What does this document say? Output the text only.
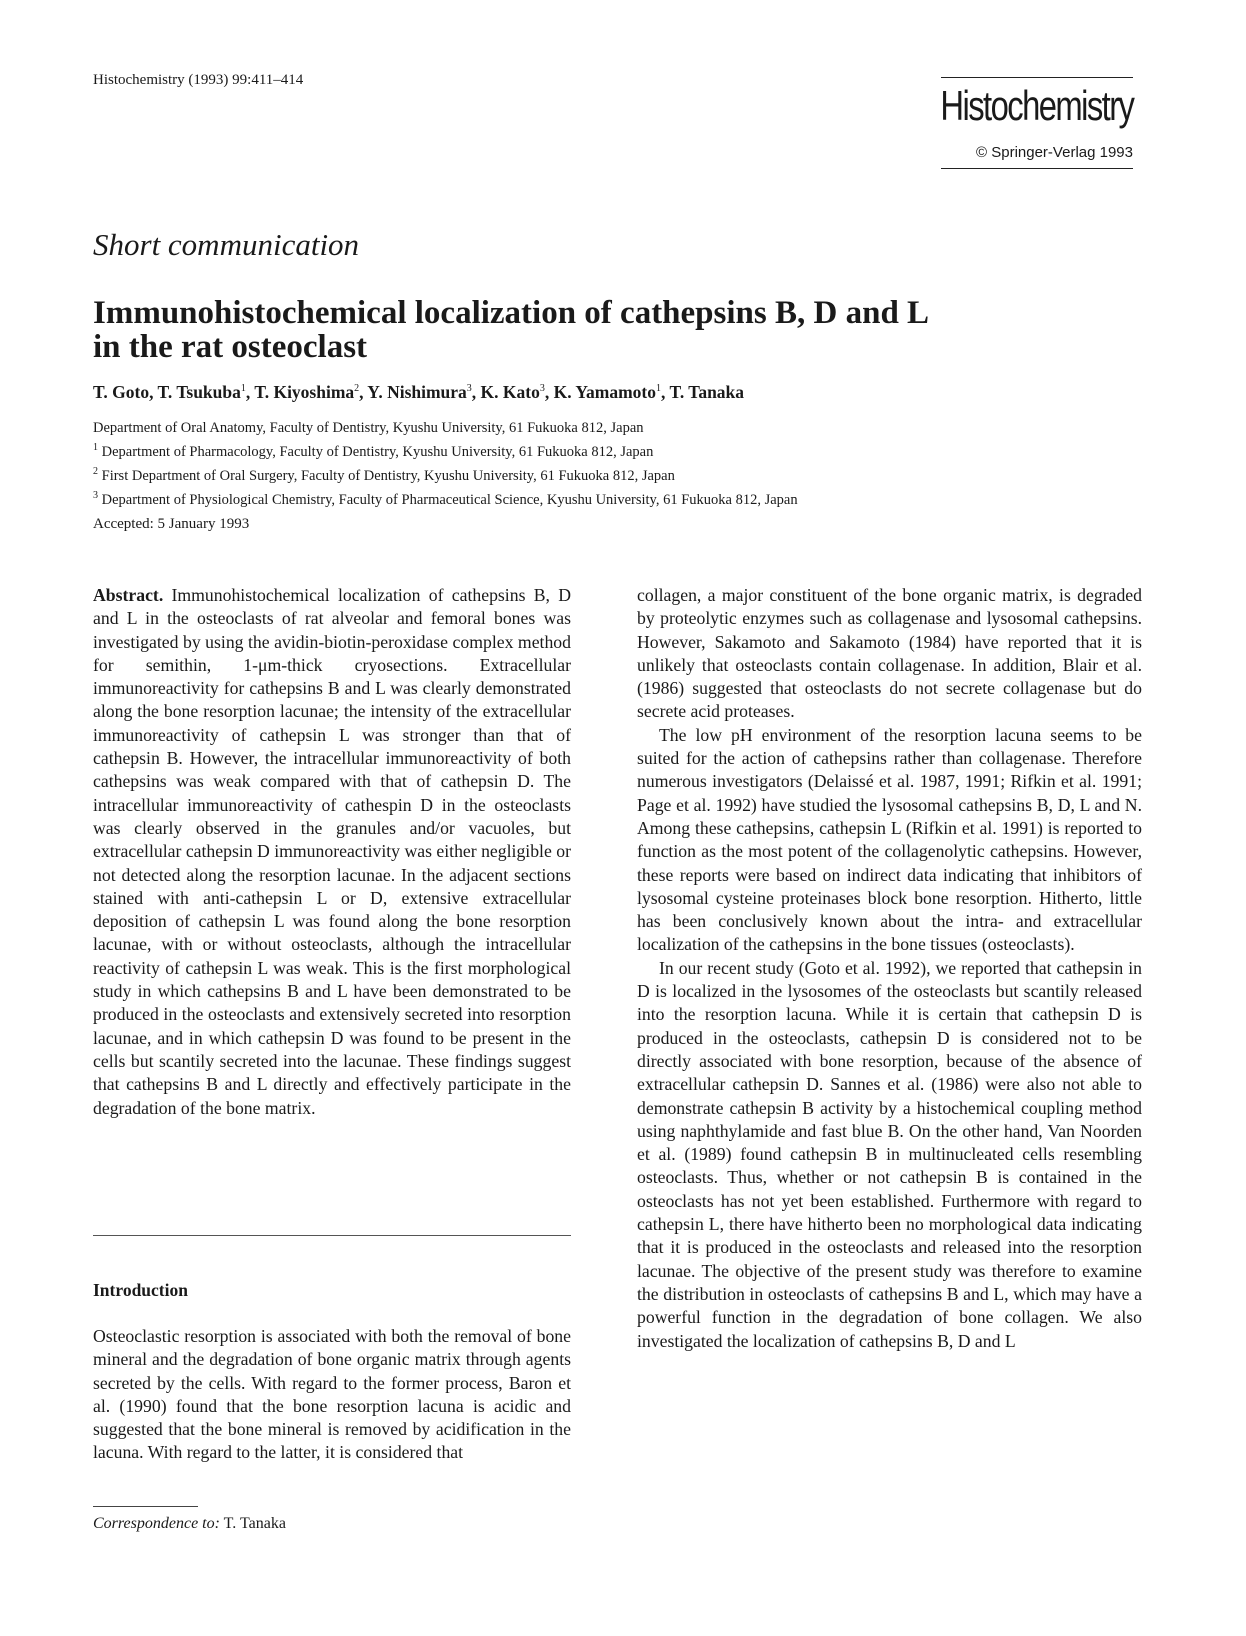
Histochemistry (1993) 99:411–414
Histochemistry
© Springer-Verlag 1993
Short communication
Immunohistochemical localization of cathepsins B, D and L
in the rat osteoclast
T. Goto, T. Tsukuba$^1$, T. Kiyoshima$^2$, Y. Nishimura$^3$, K. Kato$^3$, K. Yamamoto$^1$, T. Tanaka
Department of Oral Anatomy, Faculty of Dentistry, Kyushu University, 61 Fukuoka 812, Japan
$^1$ Department of Pharmacology, Faculty of Dentistry, Kyushu University, 61 Fukuoka 812, Japan
$^2$ First Department of Oral Surgery, Faculty of Dentistry, Kyushu University, 61 Fukuoka 812, Japan
$^3$ Department of Physiological Chemistry, Faculty of Pharmaceutical Science, Kyushu University, 61 Fukuoka 812, Japan
Accepted: 5 January 1993

Abstract. Immunohistochemical localization of cathepsins B, D and L in the osteoclasts of rat alveolar and femoral bones was investigated by using the avidin-biotin-peroxidase complex method for semithin, 1-μm-thick cryosections. Extracellular immunoreactivity for cathepsins B and L was clearly demonstrated along the bone resorption lacunae; the intensity of the extracellular immunoreactivity of cathepsin L was stronger than that of cathepsin B. However, the intracellular immunoreactivity of both cathepsins was weak compared with that of cathepsin D. The intracellular immunoreactivity of cathespin D in the osteoclasts was clearly observed in the granules and/or vacuoles, but extracellular cathepsin D immunoreactivity was either negligible or not detected along the resorption lacunae. In the adjacent sections stained with anti-cathepsin L or D, extensive extracellular deposition of cathepsin L was found along the bone resorption lacunae, with or without osteoclasts, although the intracellular reactivity of cathepsin L was weak. This is the first morphological study in which cathepsins B and L have been demonstrated to be produced in the osteoclasts and extensively secreted into resorption lacunae, and in which cathepsin D was found to be present in the cells but scantily secreted into the lacunae. These findings suggest that cathepsins B and L directly and effectively participate in the degradation of the bone matrix.

Introduction

Osteoclastic resorption is associated with both the removal of bone mineral and the degradation of bone organic matrix through agents secreted by the cells. With regard to the former process, Baron et al. (1990) found that the bone resorption lacuna is acidic and suggested that the bone mineral is removed by acidification in the lacuna. With regard to the latter, it is considered that

Correspondence to: T. Tanaka

collagen, a major constituent of the bone organic matrix, is degraded by proteolytic enzymes such as collagenase and lysosomal cathepsins. However, Sakamoto and Sakamoto (1984) have reported that it is unlikely that osteoclasts contain collagenase. In addition, Blair et al. (1986) suggested that osteoclasts do not secrete collagenase but do secrete acid proteases.

The low pH environment of the resorption lacuna seems to be suited for the action of cathepsins rather than collagenase. Therefore numerous investigators (Delaissé et al. 1987, 1991; Rifkin et al. 1991; Page et al. 1992) have studied the lysosomal cathepsins B, D, L and N. Among these cathepsins, cathepsin L (Rifkin et al. 1991) is reported to function as the most potent of the collagenolytic cathepsins. However, these reports were based on indirect data indicating that inhibitors of lysosomal cysteine proteinases block bone resorption. Hitherto, little has been conclusively known about the intra- and extracellular localization of the cathepsins in the bone tissues (osteoclasts).

In our recent study (Goto et al. 1992), we reported that cathepsin in D is localized in the lysosomes of the osteoclasts but scantily released into the resorption lacuna. While it is certain that cathepsin D is produced in the osteoclasts, cathepsin D is considered not to be directly associated with bone resorption, because of the absence of extracellular cathepsin D. Sannes et al. (1986) were also not able to demonstrate cathepsin B activity by a histochemical coupling method using naphthylamide and fast blue B. On the other hand, Van Noorden et al. (1989) found cathepsin B in multinucleated cells resembling osteoclasts. Thus, whether or not cathepsin B is contained in the osteoclasts has not yet been established. Furthermore with regard to cathepsin L, there have hitherto been no morphological data indicating that it is produced in the osteoclasts and released into the resorption lacunae. The objective of the present study was therefore to examine the distribution in osteoclasts of cathepsins B and L, which may have a powerful function in the degradation of bone collagen. We also investigated the localization of cathepsins B, D and L
